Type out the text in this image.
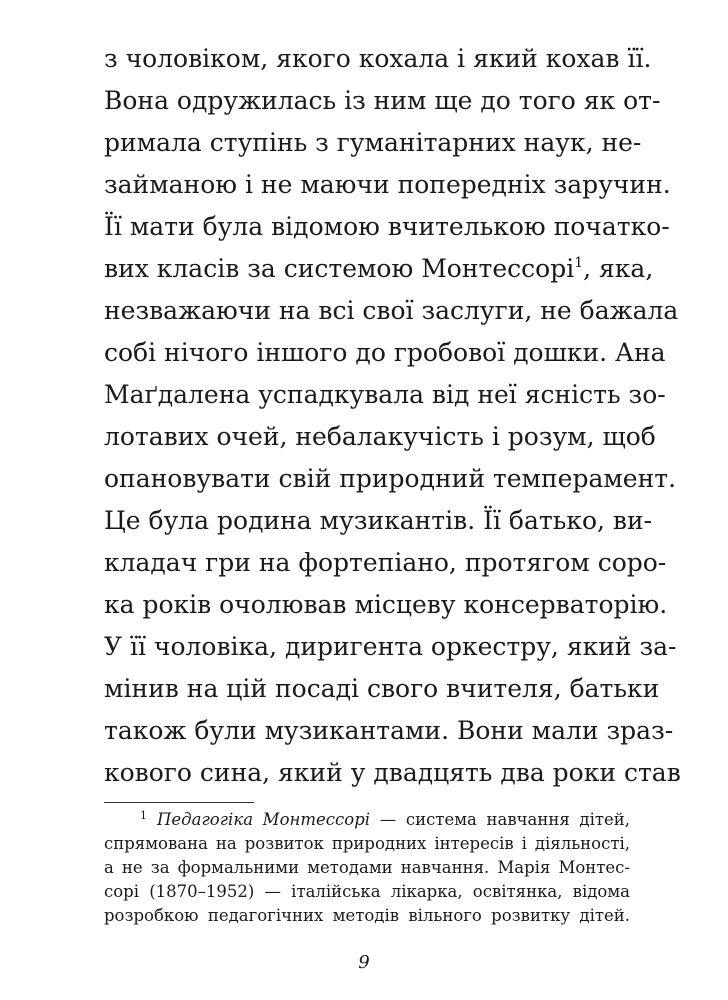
з чоловіком, якого кохала і який кохав її.
Вона одружилась із ним ще до того як от-
римала ступінь з гуманітарних наук, не-
займаною і не маючи попередніх заручин.
Її мати була відомою вчителькою початко-
вих класів за системою Монтессорі$^1$, яка,
незважаючи на всі свої заслуги, не бажала
собі нічого іншого до гробової дошки. Ана
Маґдалена успадкувала від неї ясність зо-
лотавих очей, небалакучість і розум, щоб
опановувати свій природний темперамент.
Це була родина музикантів. Її батько, ви-
кладач гри на фортепіано, протягом соро-
ка років очолював місцеву консерваторію.
У її чоловіка, диригента оркестру, який за-
мінив на цій посаді свого вчителя, батьки
також були музикантами. Вони мали зраз-
кового сина, який у двадцять два роки став
$^1$ Педагогіка Монтессорі — система навчання дітей,
спрямована на розвиток природних інтересів і діяльності,
а не за формальними методами навчання. Марія Монтес-
сорі (1870–1952) — італійська лікарка, освітянка, відома
розробкою педагогічних методів вільного розвитку дітей.
9
